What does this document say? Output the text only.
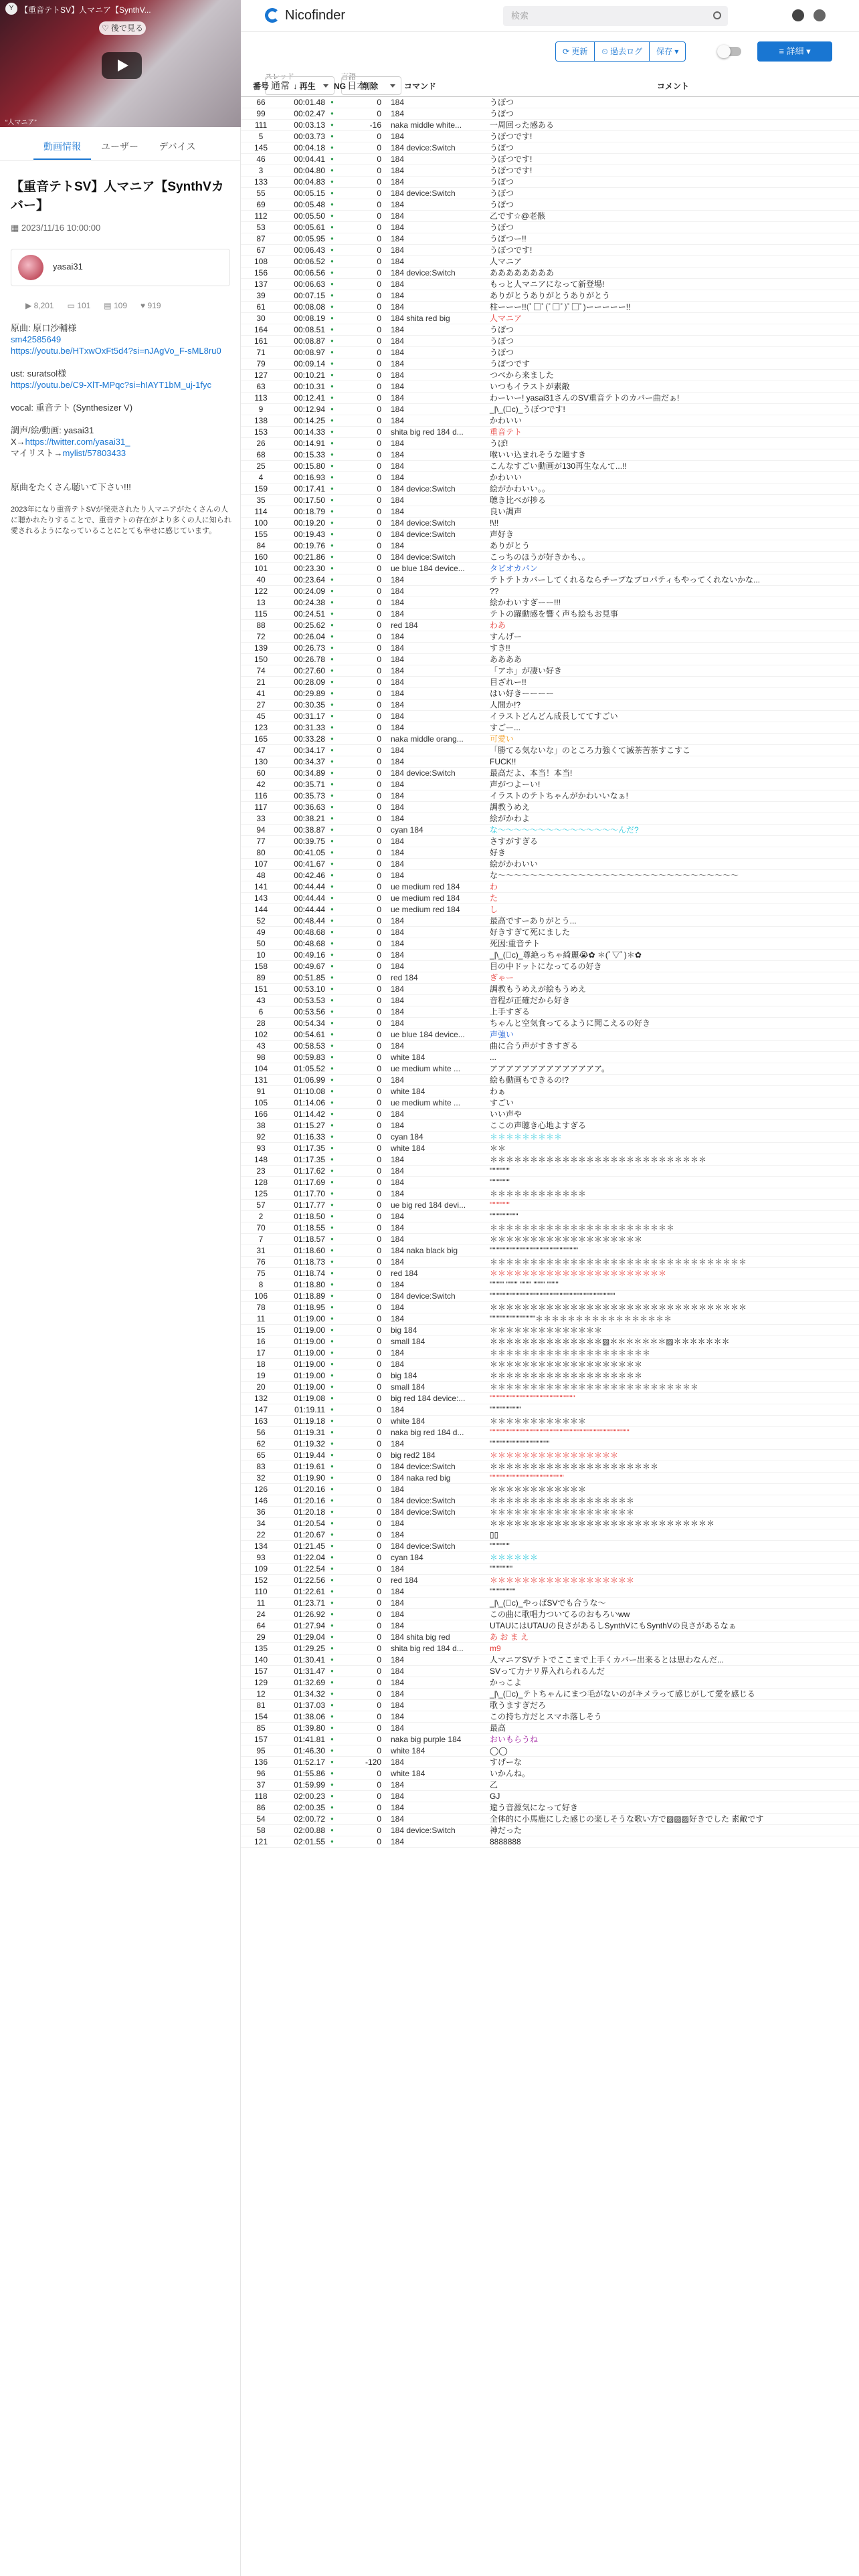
Y 【重音テトSV】人マニア【SynthV...
♡ 後で見る
“人マニア”
動画情報	ユーザー	デバイス
【重音テトSV】人マニア【SynthVカバー】
▦ 2023/11/16 10:00:00
yasai31
▶ 8,201 ▭ 101 ▤ 109 ♥ 919

原曲: 原口沙輔様

sm42585649

https://youtu.be/HTxwOxFt5d4?si=nJAgVo_F-sML8ru0

ust: suratsol様

https://youtu.be/C9-XlT-MPqc?si=hIAYT1bM_uj-1fyc

vocal: 重音テト (Synthesizer V)

調声/絵/動画: yasai31

X→https://twitter.com/yasai31_

マイリスト→mylist/57803433

原曲をたくさん聴いて下さい!!!

2023年になり重音テトSVが発売されたり人マニアがたくさんの人に聴かれたりすることで、重音テトの存在がより多くの人に知られ愛されるようになっていることにとても幸せに感じています。

Nicofinder	検索
スレッド
通常
言語
日本
⟳ 更新	⏲ 過去ログ	保存 ▾	≡ 詳細 ▾
番号	↓ 再生	NG	削除	コマンド	コメント
66	00:01.48	●	0	184	うぽつ
99	00:02.47	●	0	184	うぽつ
111	00:03.13	●	-16	naka middle white...	一周回った感ある
5	00:03.73	●	0	184	うぽつです!
145	00:04.18	●	0	184 device:Switch	うぽつ
46	00:04.41	●	0	184	うぽつです!
3	00:04.80	●	0	184	うぽつです!
133	00:04.83	●	0	184	うぽつ
55	00:05.15	●	0	184 device:Switch	うぽつ
69	00:05.48	●	0	184	うぽつ
112	00:05.50	●	0	184	乙です☆@老骸
53	00:05.61	●	0	184	うぽつ
87	00:05.95	●	0	184	うぽつー!!
67	00:06.43	●	0	184	うぽつです!
108	00:06.52	●	0	184	人マニア
156	00:06.56	●	0	184 device:Switch	ああああああああ
137	00:06.63	●	0	184	もっと人マニアになって新登場!
39	00:07.15	●	0	184	ありがとうありがとうありがとう
61	00:08.08	●	0	184	柱ーーー!!(ﾟ□ﾟ(ﾟ□ﾟ)ﾟ□ﾟ)ーーーーー!!
30	00:08.19	●	0	184 shita red big	人マニア
164	00:08.51	●	0	184	うぽつ
161	00:08.87	●	0	184	うぽつ
71	00:08.97	●	0	184	うぽつ
79	00:09.14	●	0	184	うぽつです
127	00:10.21	●	0	184	つべから来ました
63	00:10.31	●	0	184	いつもイラストが素敵
113	00:12.41	●	0	184	わーいー! yasai31さんのSV重音テトのカバー曲だぁ!
9	00:12.94	●	0	184	_|\_(ﾟc)_うぽつです!
138	00:14.25	●	0	184	かわいい
153	00:14.33	●	0	shita big red 184 d...	重音テト
26	00:14.91	●	0	184	うぽ!
68	00:15.33	●	0	184	喉いい込まれそうな瞳すき
25	00:15.80	●	0	184	こんなすごい動画が130再生なんて...!!
4	00:16.93	●	0	184	かわいい
159	00:17.41	●	0	184 device:Switch	絵がかわいい。。
35	00:17.50	●	0	184	聴き比べが捗る
114	00:18.79	●	0	184	良い調声
100	00:19.20	●	0	184 device:Switch	!\!!
155	00:19.43	●	0	184 device:Switch	声好き
84	00:19.76	●	0	184	ありがとう
160	00:21.86	●	0	184 device:Switch	こっちのほうが好きかも、。
101	00:23.30	●	0	ue blue 184 device...	タビオカパン
40	00:23.64	●	0	184	テトテトカバーしてくれるならチープなプロパティもやってくれないかな...
122	00:24.09	●	0	184	??
13	00:24.38	●	0	184	絵かわいすぎーー!!!
115	00:24.51	●	0	184	テトの躍動感を響く声も絵もお見事
88	00:25.62	●	0	red 184	わあ
72	00:26.04	●	0	184	すんげー
139	00:26.73	●	0	184	すき!!
150	00:26.78	●	0	184	ああああ
74	00:27.60	●	0	184	「アホ」が凄い好き
21	00:28.09	●	0	184	目ざれー!!
41	00:29.89	●	0	184	はい好きーーーー
27	00:30.35	●	0	184	人間か!?
45	00:31.17	●	0	184	イラストどんどん成長しててすごい
123	00:31.33	●	0	184	すごー...
165	00:33.28	●	0	naka middle orang...	可愛い
47	00:34.17	●	0	184	「勝てる気ないな」のところ力強くて滅茶苦茶すこすこ
130	00:34.37	●	0	184	FUCK!!
60	00:34.89	●	0	184 device:Switch	最高だよ、本当！本当!
42	00:35.71	●	0	184	声がつよーい!
116	00:35.73	●	0	184	イラストのテトちゃんがかわいいなぁ!
117	00:36.63	●	0	184	調教うめえ
33	00:38.21	●	0	184	絵がかわよ
94	00:38.87	●	0	cyan 184	な〜〜〜〜〜〜〜〜〜〜〜〜〜〜〜んだ?
77	00:39.75	●	0	184	さすがすぎる
80	00:41.05	●	0	184	好き
107	00:41.67	●	0	184	絵がかわいい
48	00:42.46	●	0	184	な〜〜〜〜〜〜〜〜〜〜〜〜〜〜〜〜〜〜〜〜〜〜〜〜〜〜〜〜〜〜
141	00:44.44	●	0	ue medium red 184	わ
143	00:44.44	●	0	ue medium red 184	た
144	00:44.44	●	0	ue medium red 184	し
52	00:48.44	●	0	184	最高ですーありがとう...
49	00:48.68	●	0	184	好きすぎて死にました
50	00:48.68	●	0	184	死因:重音テト
10	00:49.16	●	0	184	_|\_(ﾟc)_尊絶っちゃ綺麗😭✿ ＊(ﾟ▽ﾟ)＊✿
158	00:49.67	●	0	184	目の中ドットになってるの好き
89	00:51.85	●	0	red 184	ぎゃー
151	00:53.10	●	0	184	調教もうめえが絵もうめえ
43	00:53.53	●	0	184	音程が正確だから好き
6	00:53.56	●	0	184	上手すぎる
28	00:54.34	●	0	184	ちゃんと空気食ってるように聞こえるの好き
102	00:54.61	●	0	ue blue 184 device...	声強い
43	00:58.53	●	0	184	曲に合う声がすきすぎる
98	00:59.83	●	0	white 184	...
104	01:05.52	●	0	ue medium white ...	アアアアアアアアアアアアアア。
131	01:06.99	●	0	184	絵も動画もできるの!?
91	01:10.08	●	0	white 184	わぁ
105	01:14.06	●	0	ue medium white ...	すごい
166	01:14.42	●	0	184	いい声や
38	01:15.27	●	0	184	ここの声聴き心地よすぎる
92	01:16.33	●	0	cyan 184	＊＊＊＊＊＊＊＊＊
93	01:17.35	●	0	white 184	＊＊
148	01:17.35	●	0	184	＊＊＊＊＊＊＊＊＊＊＊＊＊＊＊＊＊＊＊＊＊＊＊＊＊＊＊
23	01:17.62	●	0	184	"""""""
128	01:17.69	●	0	184	"""""""
125	01:17.70	●	0	184	＊＊＊＊＊＊＊＊＊＊＊＊
57	01:17.77	●	0	ue big red 184 devi...	"""""""
2	01:18.50	●	0	184	""""""""""
70	01:18.55	●	0	184	＊＊＊＊＊＊＊＊＊＊＊＊＊＊＊＊＊＊＊＊＊＊＊
7	01:18.57	●	0	184	＊＊＊＊＊＊＊＊＊＊＊＊＊＊＊＊＊＊＊
31	01:18.60	●	0	184 naka black big	"""""""""""""""""""""""""""""""
76	01:18.73	●	0	184	＊＊＊＊＊＊＊＊＊＊＊＊＊＊＊＊＊＊＊＊＊＊＊＊＊＊＊＊＊＊＊＊
75	01:18.74	●	0	red 184	＊＊＊＊＊＊＊＊＊＊＊＊＊＊＊＊＊＊＊＊＊＊
8	01:18.80	●	0	184	""""" """" """" """" """"
106	01:18.89	●	0	184 device:Switch	""""""""""""""""""""""""""""""""""""""""""""
78	01:18.95	●	0	184	＊＊＊＊＊＊＊＊＊＊＊＊＊＊＊＊＊＊＊＊＊＊＊＊＊＊＊＊＊＊＊＊
11	01:19.00	●	0	184	""""""""""""""""＊＊＊＊＊＊＊＊＊＊＊＊＊＊＊＊＊
15	01:19.00	●	0	big 184	＊＊＊＊＊＊＊＊＊＊＊＊＊＊
16	01:19.00	●	0	small 184	＊＊＊＊＊＊＊＊＊＊＊＊＊＊▨＊＊＊＊＊＊＊▨＊＊＊＊＊＊＊
17	01:19.00	●	0	184	＊＊＊＊＊＊＊＊＊＊＊＊＊＊＊＊＊＊＊＊
18	01:19.00	●	0	184	＊＊＊＊＊＊＊＊＊＊＊＊＊＊＊＊＊＊＊
19	01:19.00	●	0	big 184	＊＊＊＊＊＊＊＊＊＊＊＊＊＊＊＊＊＊＊
20	01:19.00	●	0	small 184	＊＊＊＊＊＊＊＊＊＊＊＊＊＊＊＊＊＊＊＊＊＊＊＊＊＊
132	01:19.08	●	0	big red 184 device:...	""""""""""""""""""""""""""""""
147	01:19.11	●	0	184	"""""""""""
163	01:19.18	●	0	white 184	＊＊＊＊＊＊＊＊＊＊＊＊
56	01:19.31	●	0	naka big red 184 d...	"""""""""""""""""""""""""""""""""""""""""""""""""
62	01:19.32	●	0	184	"""""""""""""""""""""
65	01:19.44	●	0	big red2 184	＊＊＊＊＊＊＊＊＊＊＊＊＊＊＊＊
83	01:19.61	●	0	184 device:Switch	＊＊＊＊＊＊＊＊＊＊＊＊＊＊＊＊＊＊＊＊＊
32	01:19.90	●	0	184 naka red big	""""""""""""""""""""""""""
126	01:20.16	●	0	184	＊＊＊＊＊＊＊＊＊＊＊＊
146	01:20.16	●	0	184 device:Switch	＊＊＊＊＊＊＊＊＊＊＊＊＊＊＊＊＊＊
36	01:20.18	●	0	184 device:Switch	＊＊＊＊＊＊＊＊＊＊＊＊＊＊＊＊＊＊
34	01:20.54	●	0	184	＊＊＊＊＊＊＊＊＊＊＊＊＊＊＊＊＊＊＊＊＊＊＊＊＊＊＊＊
22	01:20.67	●	0	184	▯▯
134	01:21.45	●	0	184 device:Switch	"""""""
93	01:22.04	●	0	cyan 184	＊＊＊＊＊＊
109	01:22.54	●	0	184	""""""""
152	01:22.56	●	0	red 184	＊＊＊＊＊＊＊＊＊＊＊＊＊＊＊＊＊＊
110	01:22.61	●	0	184	"""""""""
11	01:23.71	●	0	184	_|\_(ﾟc)_やっぱSVでも合うな〜
24	01:26.92	●	0	184	この曲に歌唱力ついてるのおもろいww
64	01:27.94	●	0	184	UTAUにはUTAUの良さがあるしSynthVにもSynthVの良さがあるなぁ
29	01:29.04	●	0	184 shita big red	あ お ま え
135	01:29.25	●	0	shita big red 184 d...	m9
140	01:30.41	●	0	184	人マニアSVテトでここまで上手くカバー出来るとは思わなんだ...
157	01:31.47	●	0	184	SVって力ナリ界入れられるんだ
129	01:32.69	●	0	184	かっこよ
12	01:34.32	●	0	184	_|\_(ﾟc)_テトちゃんにまつ毛がないのがキメラって感じがして愛を感じる
81	01:37.03	●	0	184	歌うますぎだろ
154	01:38.06	●	0	184	この持ち方だとスマホ落しそう
85	01:39.80	●	0	184	最高
157	01:41.81	●	0	naka big purple 184	おいもらうね
95	01:46.30	●	0	white 184	◯◯
136	01:52.17	●	-120	184	すげーな
96	01:55.86	●	0	white 184	いかんね。
37	01:59.99	●	0	184	乙
118	02:00.23	●	0	184	GJ
86	02:00.35	●	0	184	違う音源気になって好き
54	02:00.72	●	0	184	全体的に小馬鹿にした感じの楽しそうな歌い方で▨▨▨好きでした 素敵です
58	02:00.88	●	0	184 device:Switch	神だった
121	02:01.55	●	0	184	8888888
